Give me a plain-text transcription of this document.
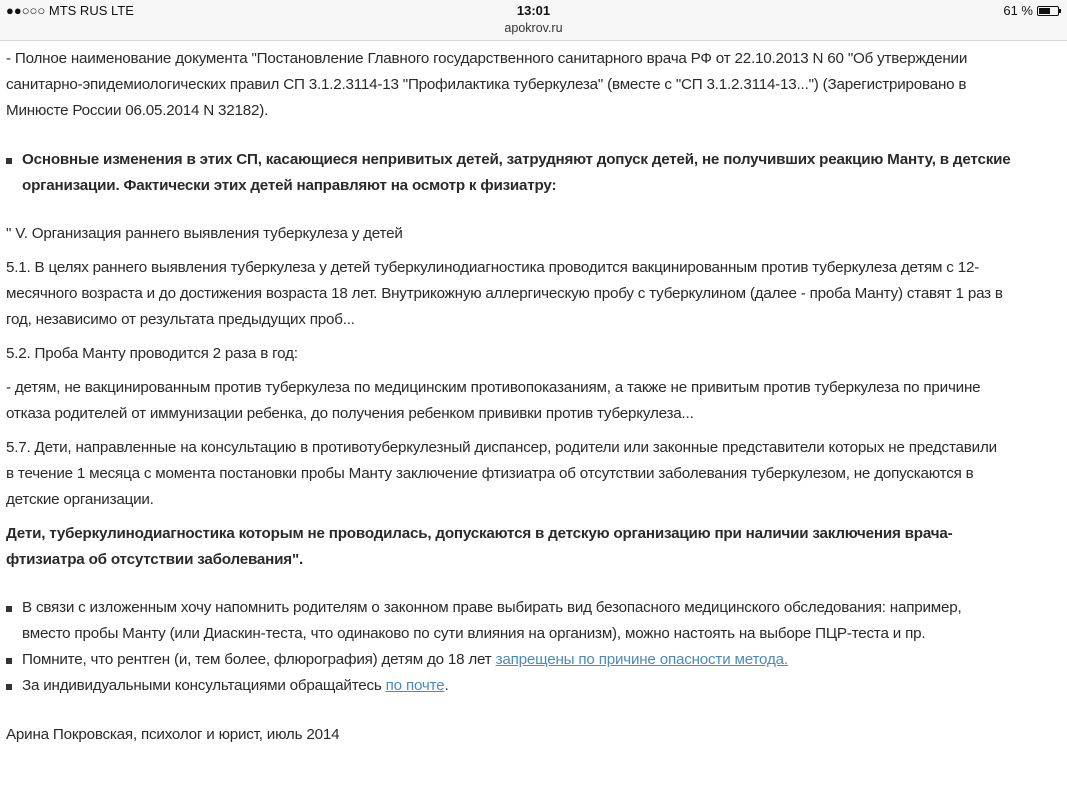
●●○○○ MTS RUS LTE	13:01	61 %
apokrov.ru
- Полное наименование документа "Постановление Главного государственного санитарного врача РФ от 22.10.2013 N 60 "Об утверждении
санитарно-эпидемиологических правил СП 3.1.2.3114-13 "Профилактика туберкулеза" (вместе с "СП 3.1.2.3114-13...") (Зарегистрировано в
Минюсте России 06.05.2014 N 32182).
Основные изменения в этих СП, касающиеся непривитых детей, затрудняют допуск детей, не получивших реакцию Манту, в детские
организации. Фактически этих детей направляют на осмотр к физиатру:
" V. Организация раннего выявления туберкулеза у детей
5.1. В целях раннего выявления туберкулеза у детей туберкулинодиагностика проводится вакцинированным против туберкулеза детям с 12-
месячного возраста и до достижения возраста 18 лет. Внутрикожную аллергическую пробу с туберкулином (далее - проба Манту) ставят 1 раз в
год, независимо от результата предыдущих проб...
5.2. Проба Манту проводится 2 раза в год:
- детям, не вакцинированным против туберкулеза по медицинским противопоказаниям, а также не привитым против туберкулеза по причине
отказа родителей от иммунизации ребенка, до получения ребенком прививки против туберкулеза...
5.7. Дети, направленные на консультацию в противотуберкулезный диспансер, родители или законные представители которых не представили
в течение 1 месяца с момента постановки пробы Манту заключение фтизиатра об отсутствии заболевания туберкулезом, не допускаются в
детские организации.
Дети, туберкулинодиагностика которым не проводилась, допускаются в детскую организацию при наличии заключения врача-
фтизиатра об отсутствии заболевания".
В связи с изложенным хочу напомнить родителям о законном праве выбирать вид безопасного медицинского обследования: например,
вместо пробы Манту (или Диаскин-теста, что одинаково по сути влияния на организм), можно настоять на выборе ПЦР-теста и пр.
Помните, что рентген (и, тем более, флюрография) детям до 18 лет запрещены по причине опасности метода.
За индивидуальными консультациями обращайтесь по почте.
Арина Покровская, психолог и юрист, июль 2014
